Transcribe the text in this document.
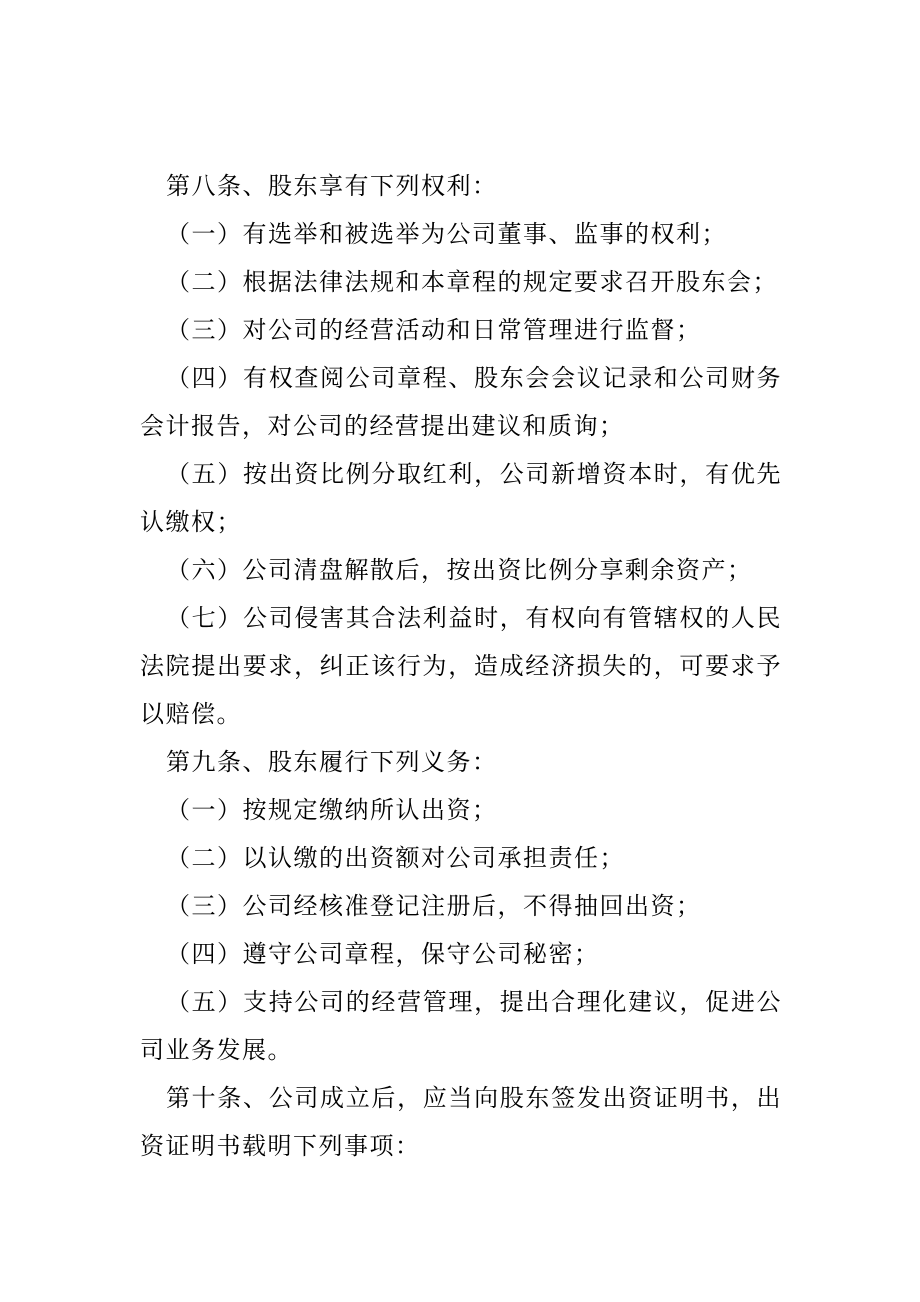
第八条、股东享有下列权利：

（一）有选举和被选举为公司董事、监事的权利；

（二）根据法律法规和本章程的规定要求召开股东会；

（三）对公司的经营活动和日常管理进行监督；

（四）有权查阅公司章程、股东会会议记录和公司财务会计报告，对公司的经营提出建议和质询；

（五）按出资比例分取红利，公司新增资本时，有优先认缴权；

（六）公司清盘解散后，按出资比例分享剩余资产；

（七）公司侵害其合法利益时，有权向有管辖权的人民法院提出要求，纠正该行为，造成经济损失的，可要求予以赔偿。

第九条、股东履行下列义务：

（一）按规定缴纳所认出资；

（二）以认缴的出资额对公司承担责任；

（三）公司经核准登记注册后，不得抽回出资；

（四）遵守公司章程，保守公司秘密；

（五）支持公司的经营管理，提出合理化建议，促进公司业务发展。

第十条、公司成立后，应当向股东签发出资证明书，出资证明书载明下列事项：
